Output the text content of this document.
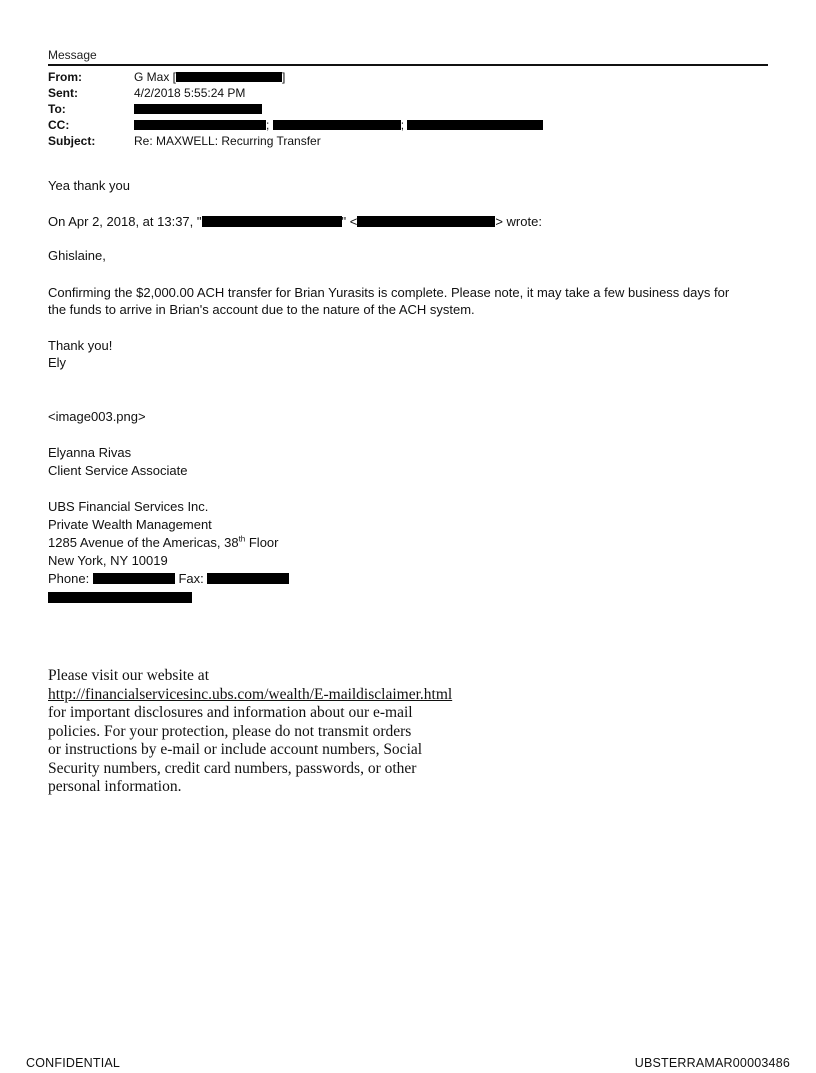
Message
From:	G Max [	]
Sent:	4/2/2018 5:55:24 PM
To:
CC:	;	;
Subject:	Re: MAXWELL: Recurring Transfer
Yea thank you
On Apr 2, 2018, at 13:37, "	" <	> wrote:
Ghislaine,
Confirming the $2,000.00 ACH transfer for Brian Yurasits is complete. Please note, it may take a few business days for
the funds to arrive in Brian's account due to the nature of the ACH system.
Thank you!
Ely
<image003.png>
Elyanna Rivas
Client Service Associate
UBS Financial Services Inc.
Private Wealth Management
1285 Avenue of the Americas, 38th Floor
New York, NY 10019
Phone:	Fax:
Please visit our website at
http://financialservicesinc.ubs.com/wealth/E-maildisclaimer.html
for important disclosures and information about our e-mail
policies. For your protection, please do not transmit orders
or instructions by e-mail or include account numbers, Social
Security numbers, credit card numbers, passwords, or other
personal information.
CONFIDENTIAL	UBSTERRAMAR00003486
